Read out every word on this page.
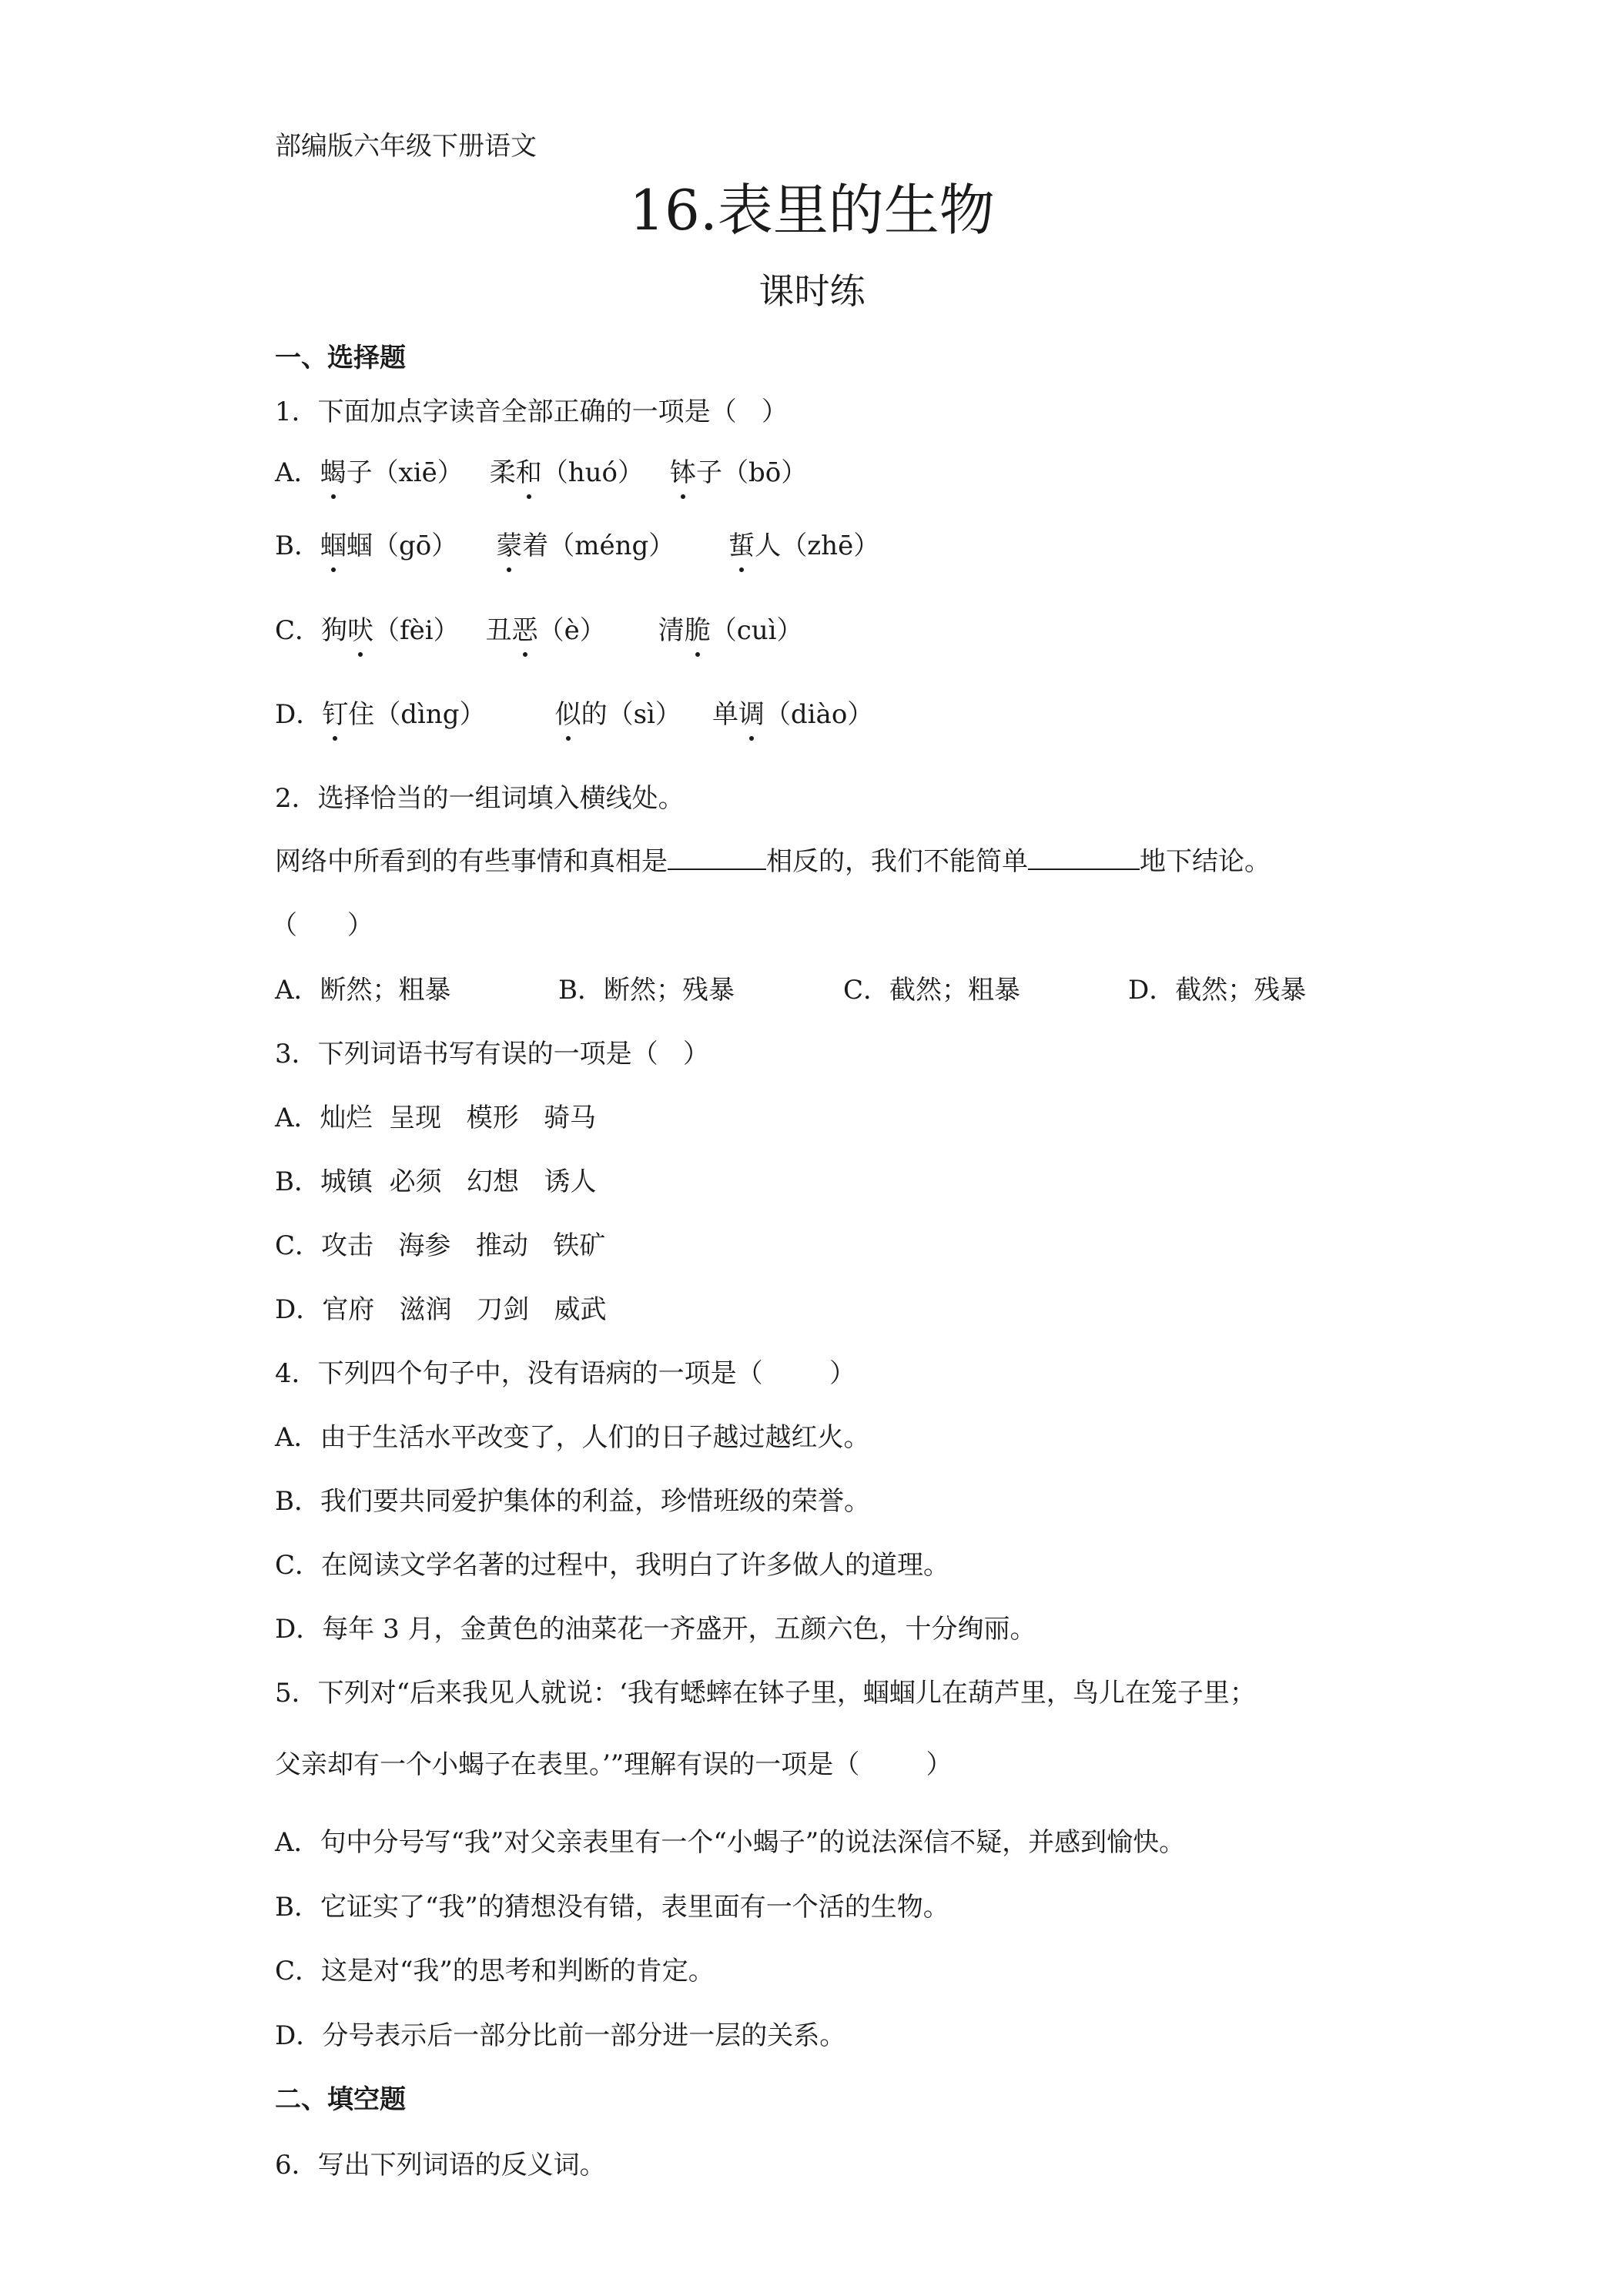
部编版六年级下册语文
16.表里的生物
课时练
一、选择题
1．下面加点字读音全部正确的一项是（   ）
A．蝎子（xiē） 柔和（huó） 钵子（bō）
B．蝈蝈（gō） 蒙着（méng） 蜇人（zhē）
C．狗吠（fèi） 丑恶（è） 清脆（cuì）
D．钉住（dìng）	似的（sì） 单调（diào）
2．选择恰当的一组词填入横线处。
网络中所看到的有些事情和真相是	相反的，我们不能简单	地下结论。
（      ）
A．断然；粗暴	B．断然；残暴	C．截然；粗暴	D．截然；残暴
3．下列词语书写有误的一项是（   ）
A．灿烂  呈现   模形   骑马
B．城镇  必须   幻想   诱人
C．攻击   海参   推动   铁矿
D．官府   滋润   刀剑   威武
4．下列四个句子中，没有语病的一项是（        ）
A．由于生活水平改变了，人们的日子越过越红火。
B．我们要共同爱护集体的利益，珍惜班级的荣誉。
C．在阅读文学名著的过程中，我明白了许多做人的道理。
D．每年 3 月，金黄色的油菜花一齐盛开，五颜六色，十分绚丽。
5．下列对“后来我见人就说：‘我有蟋蟀在钵子里，蝈蝈儿在葫芦里，鸟儿在笼子里；
父亲却有一个小蝎子在表里。’”理解有误的一项是（        ）
A．句中分号写“我”对父亲表里有一个“小蝎子”的说法深信不疑，并感到愉快。
B．它证实了“我”的猜想没有错，表里面有一个活的生物。
C．这是对“我”的思考和判断的肯定。
D．分号表示后一部分比前一部分进一层的关系。
二、填空题
6．写出下列词语的反义词。
